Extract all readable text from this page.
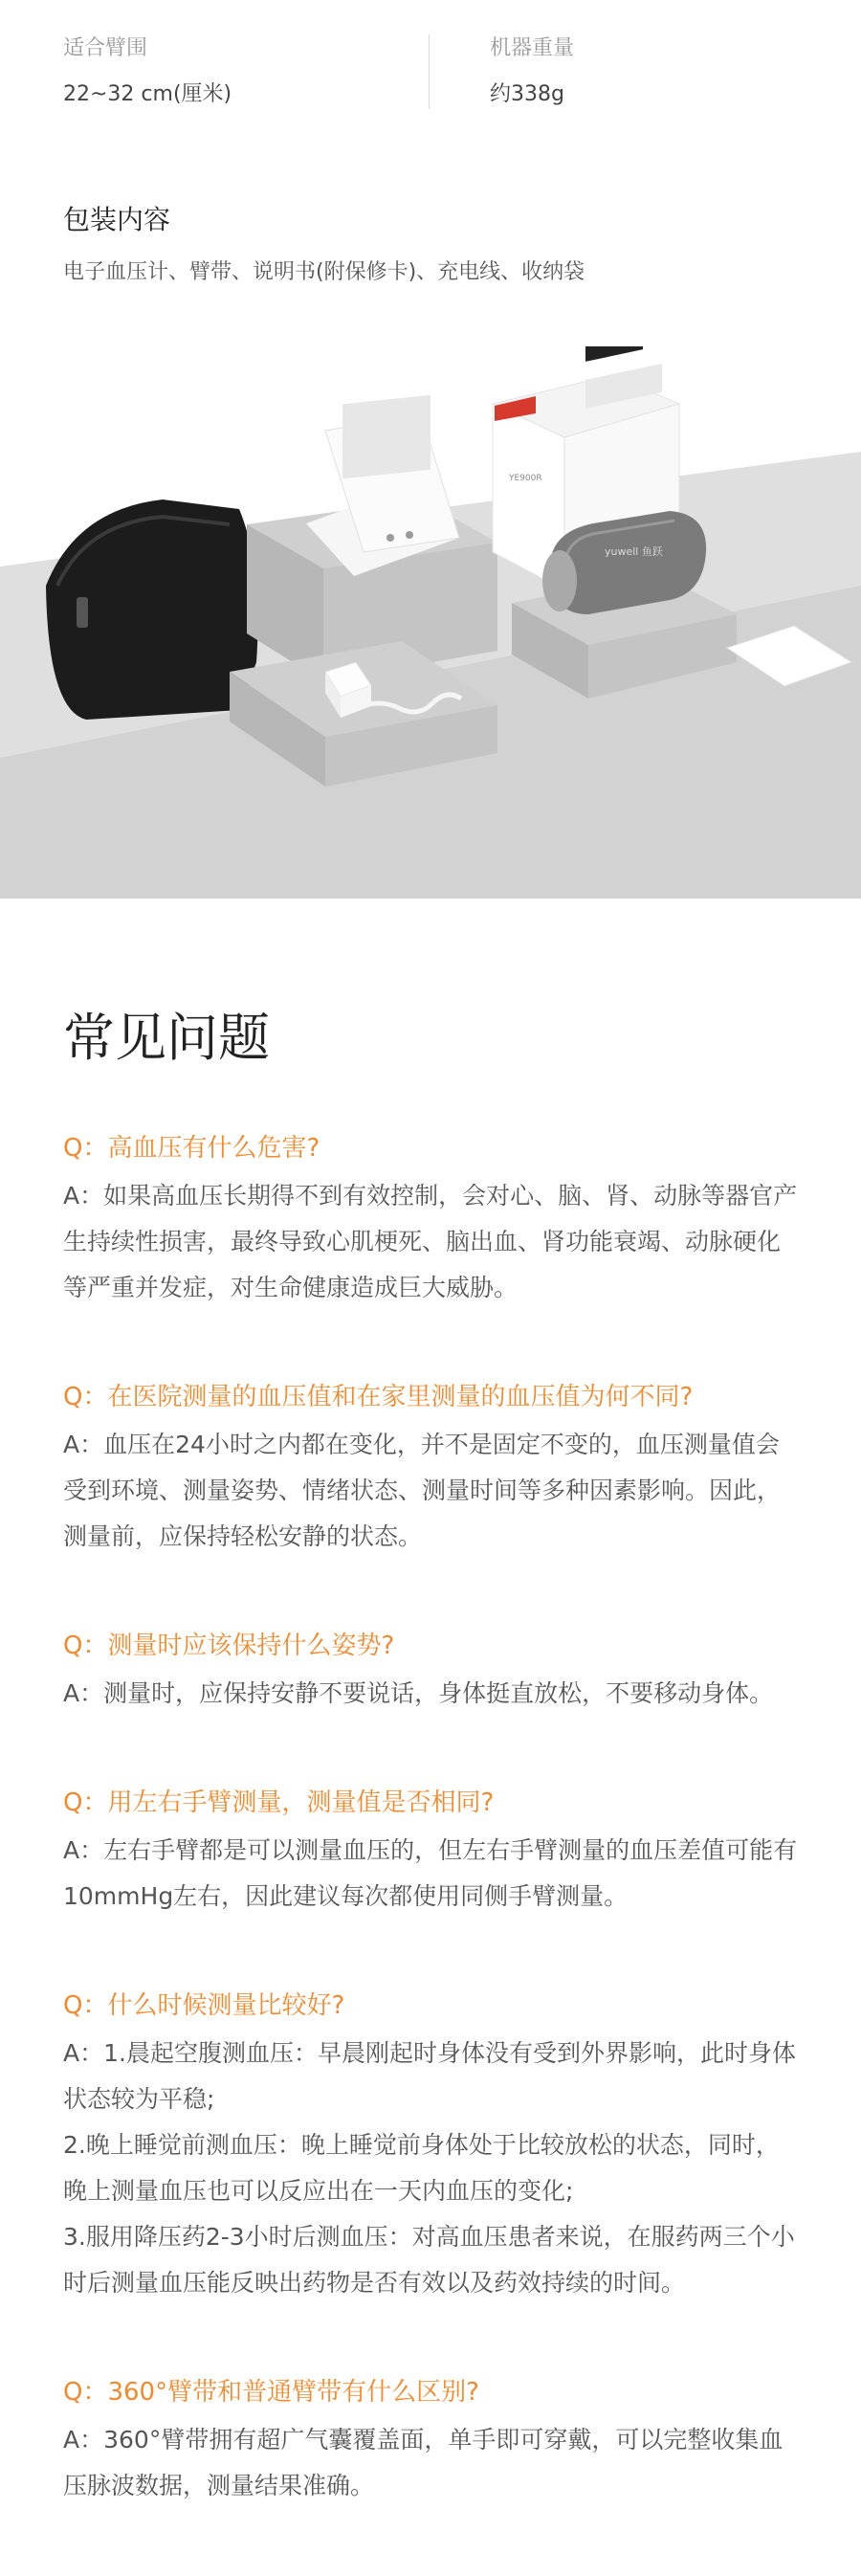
适合臂围
22~32 cm(厘米)
机器重量
约338g
包装内容
电子血压计、臂带、说明书(附保修卡)、充电线、收纳袋
YE900R
yuwell 鱼跃
常见问题
Q：高血压有什么危害?
A：如果高血压长期得不到有效控制，会对心、脑、肾、动脉等器官产生持续性损害，最终导致心肌梗死、脑出血、肾功能衰竭、动脉硬化等严重并发症，对生命健康造成巨大威胁。
Q：在医院测量的血压值和在家里测量的血压值为何不同?
A：血压在24小时之内都在变化，并不是固定不变的，血压测量值会受到环境、测量姿势、情绪状态、测量时间等多种因素影响。因此，测量前，应保持轻松安静的状态。
Q：测量时应该保持什么姿势?
A：测量时，应保持安静不要说话，身体挺直放松，不要移动身体。
Q：用左右手臂测量，测量值是否相同?
A：左右手臂都是可以测量血压的，但左右手臂测量的血压差值可能有10mmHg左右，因此建议每次都使用同侧手臂测量。
Q：什么时候测量比较好?
A：1.晨起空腹测血压：早晨刚起时身体没有受到外界影响，此时身体状态较为平稳;
2.晚上睡觉前测血压：晚上睡觉前身体处于比较放松的状态，同时，晚上测量血压也可以反应出在一天内血压的变化;
3.服用降压药2-3小时后测血压：对高血压患者来说，在服药两三个小时后测量血压能反映出药物是否有效以及药效持续的时间。
Q：360°臂带和普通臂带有什么区别?
A：360°臂带拥有超广气囊覆盖面，单手即可穿戴，可以完整收集血压脉波数据，测量结果准确。
